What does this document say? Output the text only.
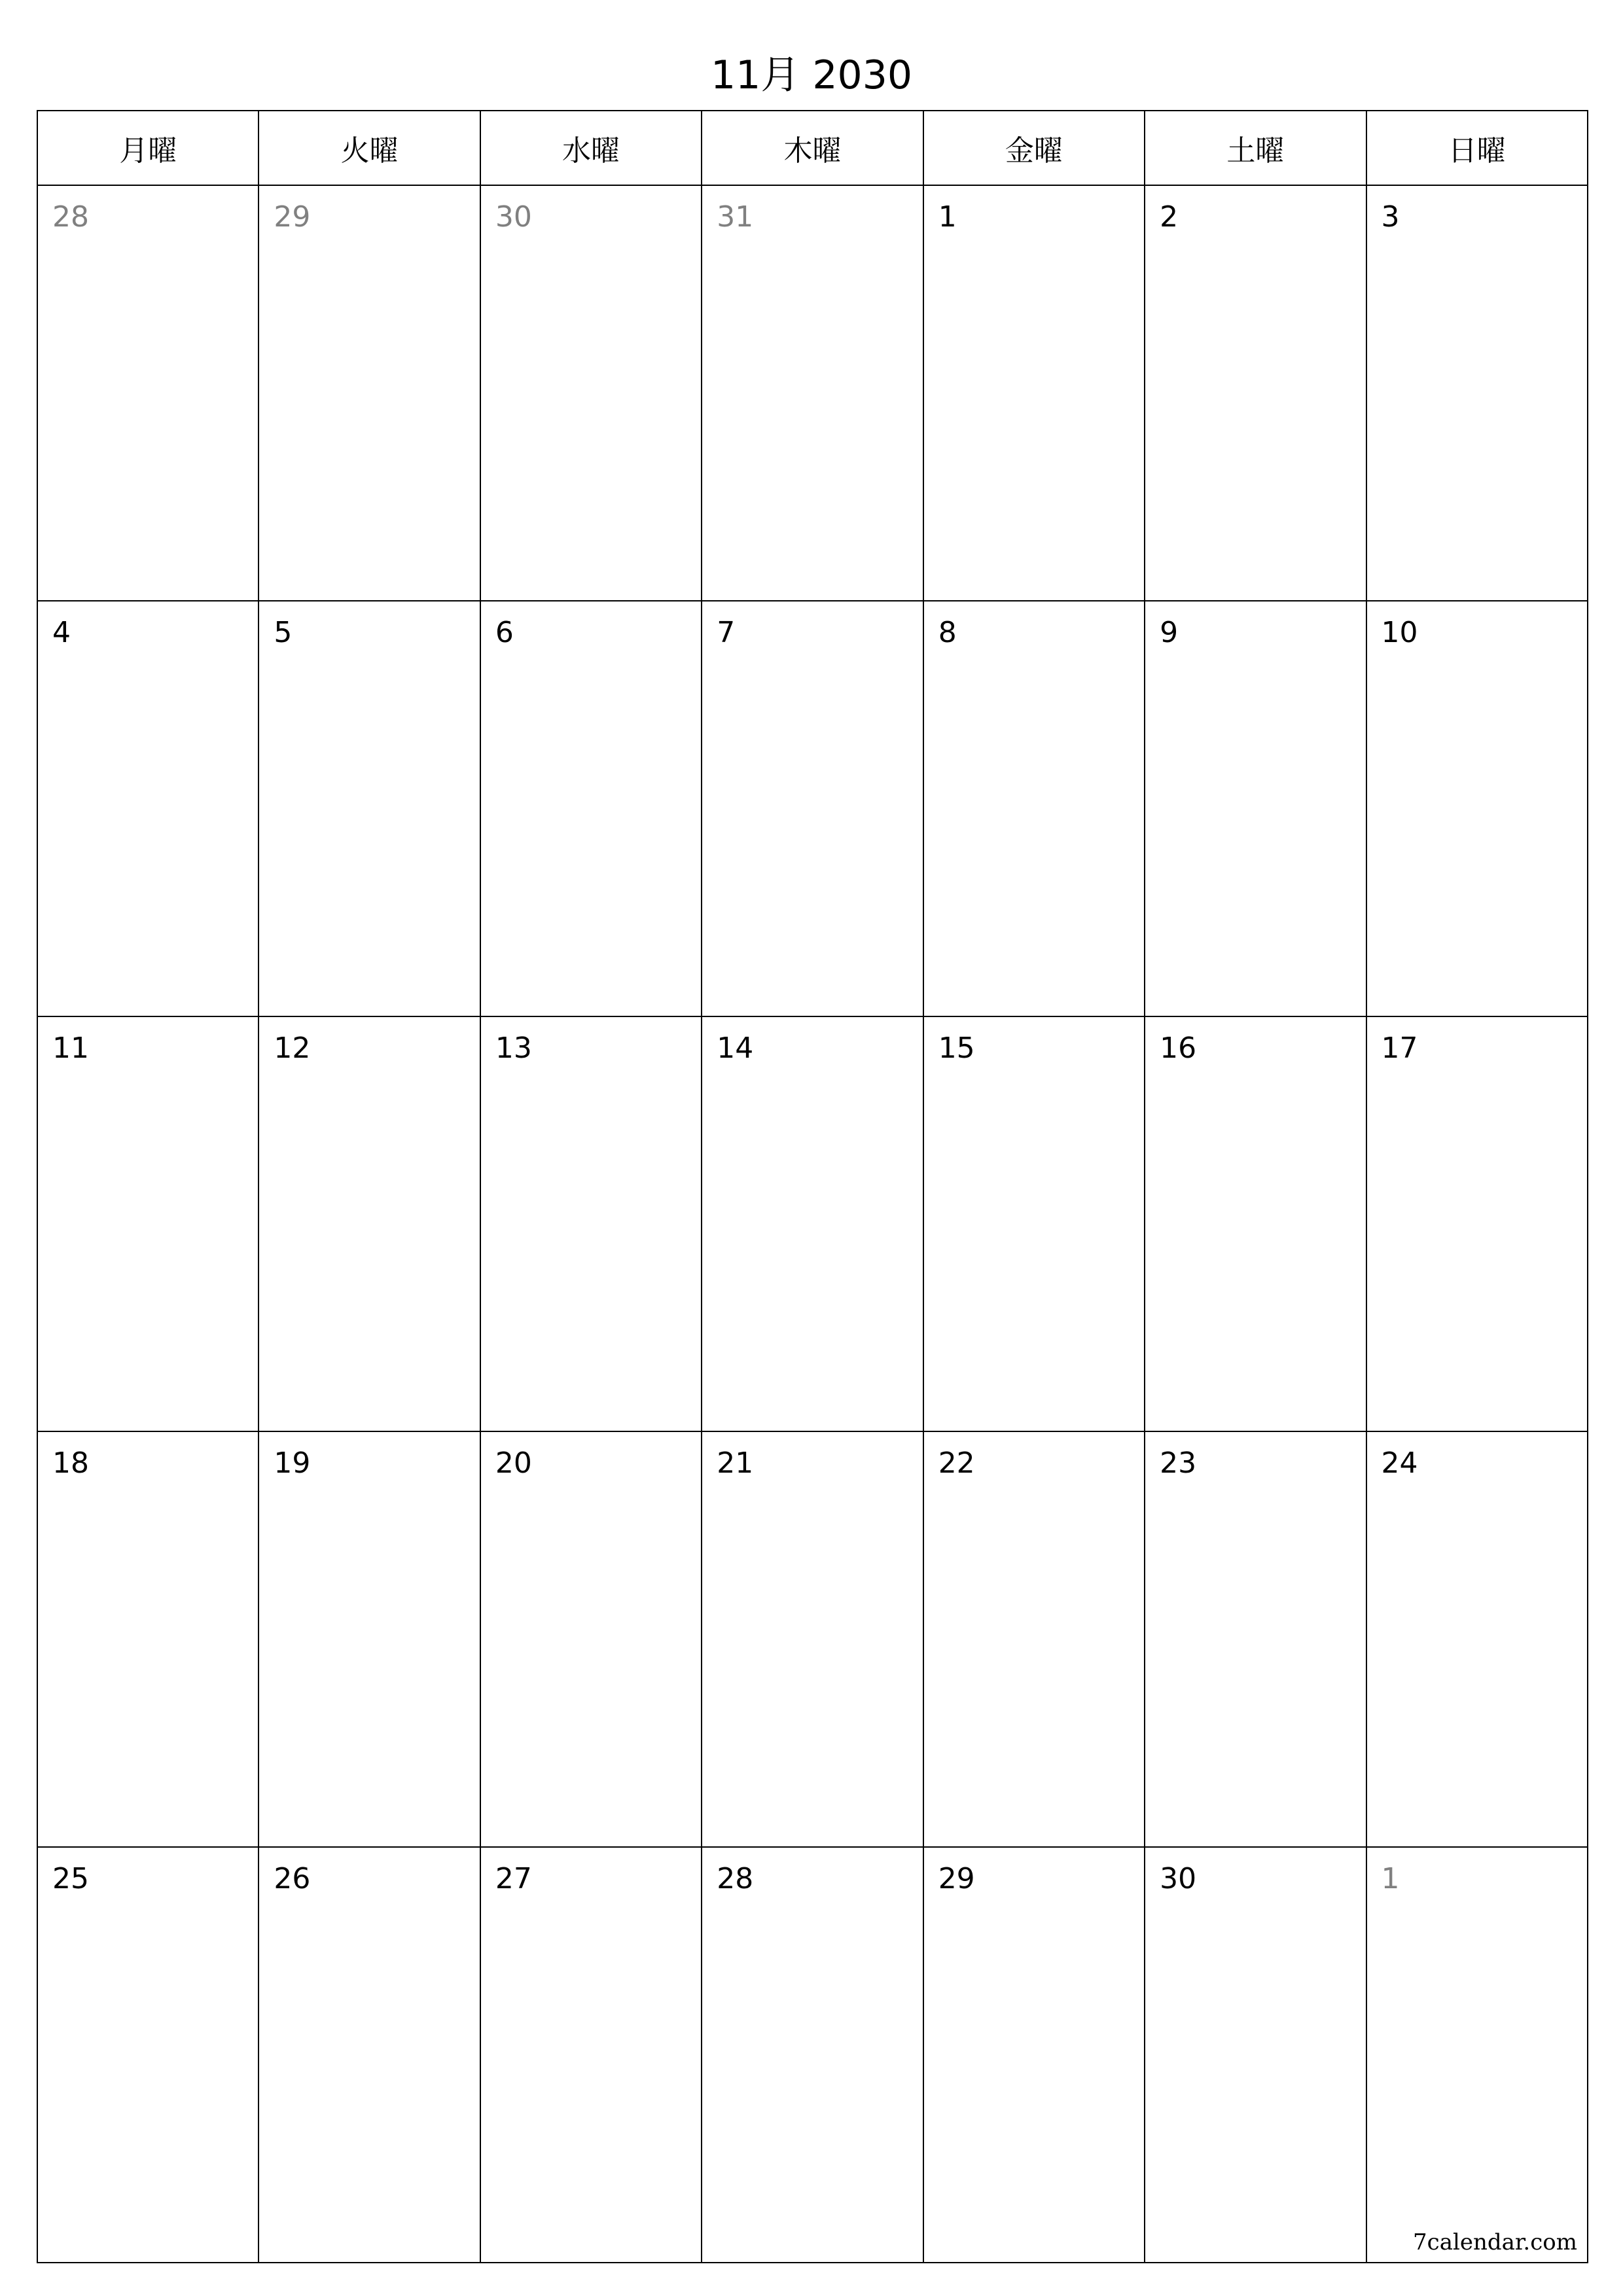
11月 2030
月曜	火曜	水曜	木曜	金曜	土曜	日曜
28	29	30	31	1	2	3
4	5	6	7	8	9	10
11	12	13	14	15	16	17
18	19	20	21	22	23	24
25	26	27	28	29	30	1
7calendar.com
